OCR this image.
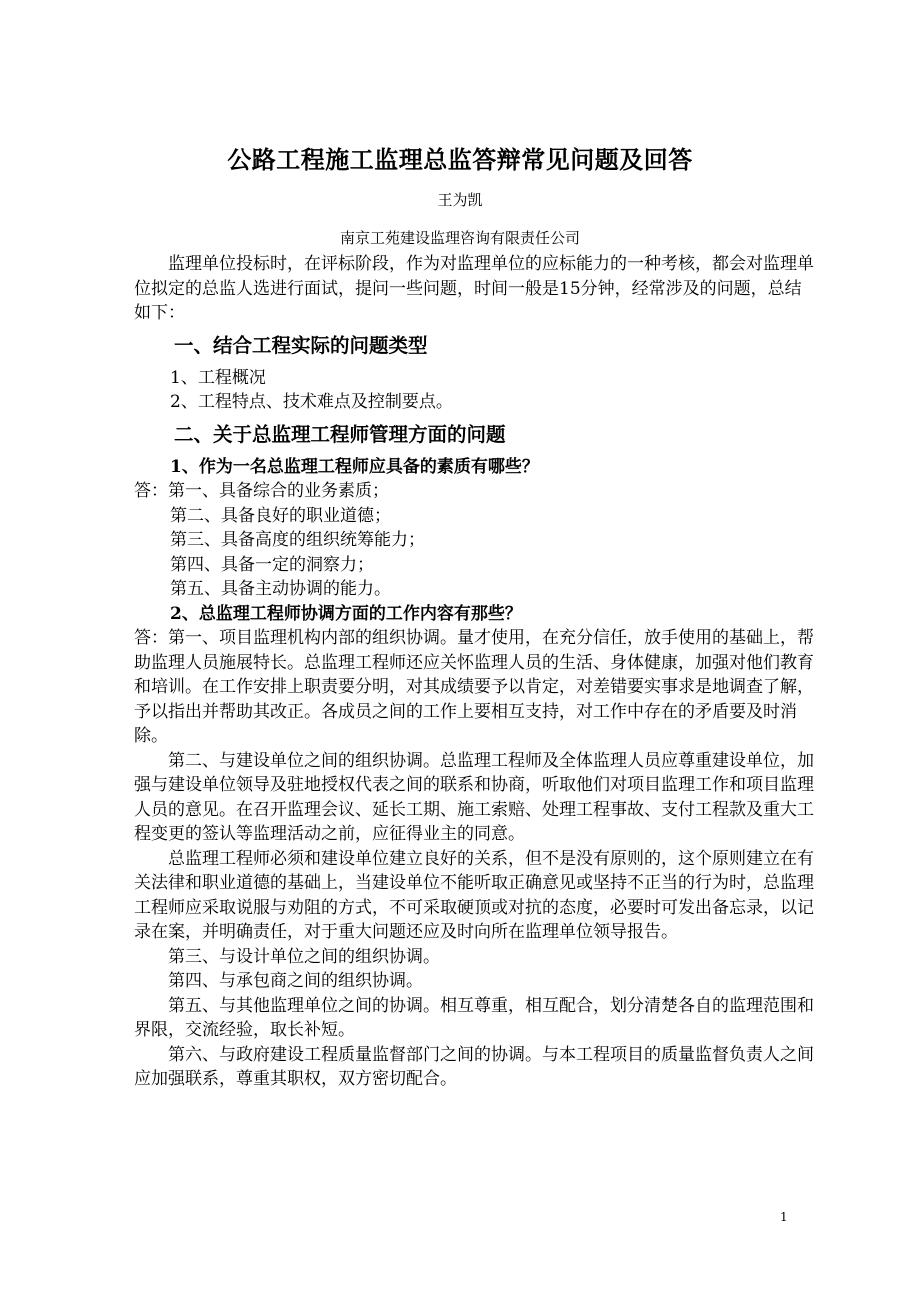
公路工程施工监理总监答辩常见问题及回答
王为凯
南京工苑建设监理咨询有限责任公司

监理单位投标时，在评标阶段，作为对监理单位的应标能力的一种考核，都会对监理单位拟定的总监人选进行面试，提问一些问题，时间一般是15分钟，经常涉及的问题，总结如下：

一、结合工程实际的问题类型

1、工程概况

2、工程特点、技术难点及控制要点。

二、关于总监理工程师管理方面的问题

1、作为一名总监理工程师应具备的素质有哪些？

答：第一、具备综合的业务素质；

第二、具备良好的职业道德；

第三、具备高度的组织统筹能力；

第四、具备一定的洞察力；

第五、具备主动协调的能力。

2、总监理工程师协调方面的工作内容有那些？

答：第一、项目监理机构内部的组织协调。量才使用，在充分信任，放手使用的基础上，帮助监理人员施展特长。总监理工程师还应关怀监理人员的生活、身体健康，加强对他们教育和培训。在工作安排上职责要分明，对其成绩要予以肯定，对差错要实事求是地调查了解，予以指出并帮助其改正。各成员之间的工作上要相互支持，对工作中存在的矛盾要及时消除。

第二、与建设单位之间的组织协调。总监理工程师及全体监理人员应尊重建设单位，加强与建设单位领导及驻地授权代表之间的联系和协商，听取他们对项目监理工作和项目监理人员的意见。在召开监理会议、延长工期、施工索赔、处理工程事故、支付工程款及重大工程变更的签认等监理活动之前，应征得业主的同意。

总监理工程师必须和建设单位建立良好的关系，但不是没有原则的，这个原则建立在有关法律和职业道德的基础上，当建设单位不能听取正确意见或坚持不正当的行为时，总监理工程师应采取说服与劝阻的方式，不可采取硬顶或对抗的态度，必要时可发出备忘录，以记录在案，并明确责任，对于重大问题还应及时向所在监理单位领导报告。

第三、与设计单位之间的组织协调。

第四、与承包商之间的组织协调。

第五、与其他监理单位之间的协调。相互尊重，相互配合，划分清楚各自的监理范围和界限，交流经验，取长补短。

第六、与政府建设工程质量监督部门之间的协调。与本工程项目的质量监督负责人之间应加强联系，尊重其职权，双方密切配合。

1
